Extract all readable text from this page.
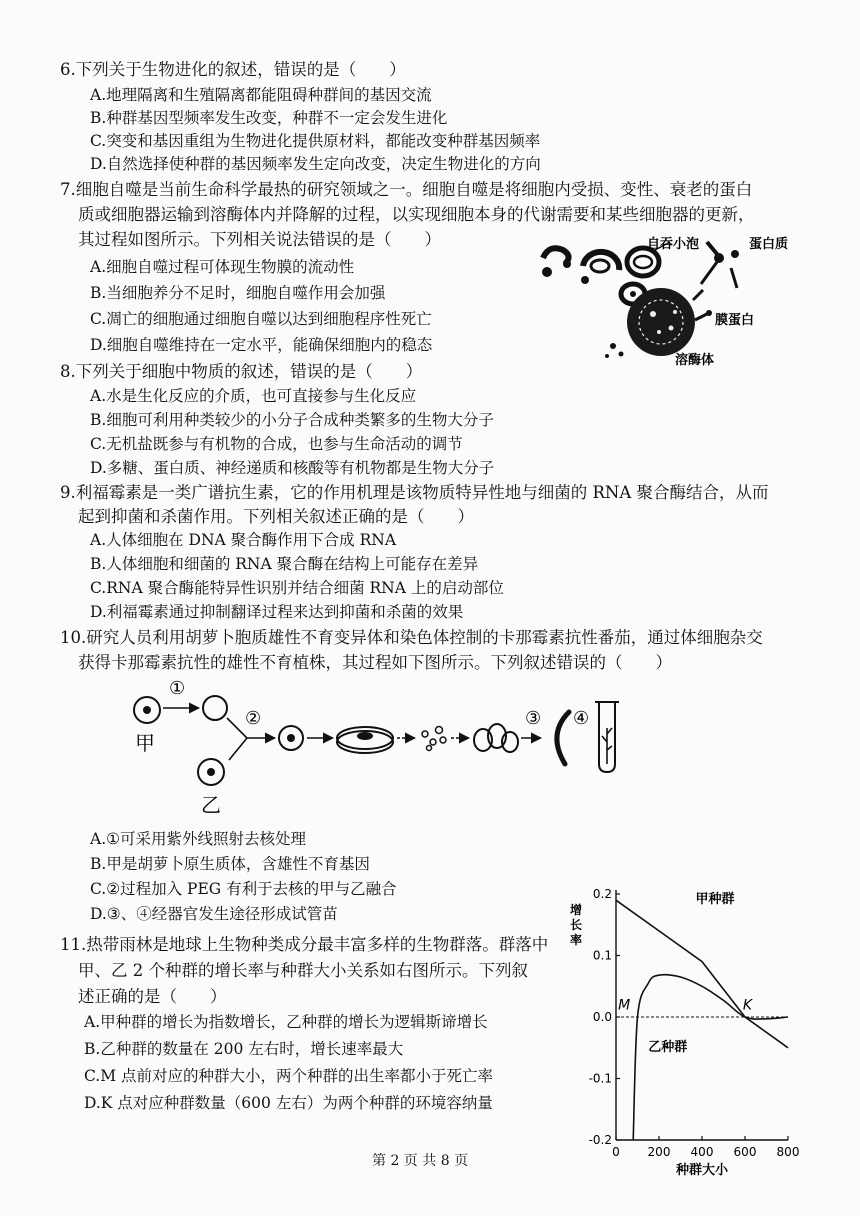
6.下列关于生物进化的叙述，错误的是（　　）
A.地理隔离和生殖隔离都能阻碍种群间的基因交流
B.种群基因型频率发生改变，种群不一定会发生进化
C.突变和基因重组为生物进化提供原材料，都能改变种群基因频率
D.自然选择使种群的基因频率发生定向改变，决定生物进化的方向
7.细胞自噬是当前生命科学最热的研究领域之一。细胞自噬是将细胞内受损、变性、衰老的蛋白
质或细胞器运输到溶酶体内并降解的过程，以实现细胞本身的代谢需要和某些细胞器的更新，
其过程如图所示。下列相关说法错误的是（　　）
A.细胞自噬过程可体现生物膜的流动性
B.当细胞养分不足时，细胞自噬作用会加强
C.凋亡的细胞通过细胞自噬以达到细胞程序性死亡
D.细胞自噬维持在一定水平，能确保细胞内的稳态
自吞小泡	蛋白质
膜蛋白
溶酶体
8.下列关于细胞中物质的叙述，错误的是（　　）
A.水是生化反应的介质，也可直接参与生化反应
B.细胞可利用种类较少的小分子合成种类繁多的生物大分子
C.无机盐既参与有机物的合成，也参与生命活动的调节
D.多糖、蛋白质、神经递质和核酸等有机物都是生物大分子
9.利福霉素是一类广谱抗生素，它的作用机理是该物质特异性地与细菌的 RNA 聚合酶结合，从而
起到抑菌和杀菌作用。下列相关叙述正确的是（　　）
A.人体细胞在 DNA 聚合酶作用下合成 RNA
B.人体细胞和细菌的 RNA 聚合酶在结构上可能存在差异
C.RNA 聚合酶能特异性识别并结合细菌 RNA 上的启动部位
D.利福霉素通过抑制翻译过程来达到抑菌和杀菌的效果
10.研究人员利用胡萝卜胞质雄性不育变异体和染色体控制的卡那霉素抗性番茄，通过体细胞杂交
获得卡那霉素抗性的雄性不育植株，其过程如下图所示。下列叙述错误的（　　）
甲
①
乙
②	③ ④
A.①可采用紫外线照射去核处理
B.甲是胡萝卜原生质体，含雄性不育基因
C.②过程加入 PEG 有利于去核的甲与乙融合
D.③、④经器官发生途径形成试管苗
11.热带雨林是地球上生物种类成分最丰富多样的生物群落。群落中
甲、乙 2 个种群的增长率与种群大小关系如右图所示。下列叙
述正确的是（　　）
A.甲种群的增长为指数增长，乙种群的增长为逻辑斯谛增长
B.乙种群的数量在 200 左右时，增长速率最大
C.M 点前对应的种群大小，两个种群的出生率都小于死亡率
D.K 点对应种群数量（600 左右）为两个种群的环境容纳量
0.2
0.1
0.0
-0.1
-0.2
0 200 400 600 800
增长率
种群大小
甲种群
乙种群
M	K
第 2 页 共 8 页
